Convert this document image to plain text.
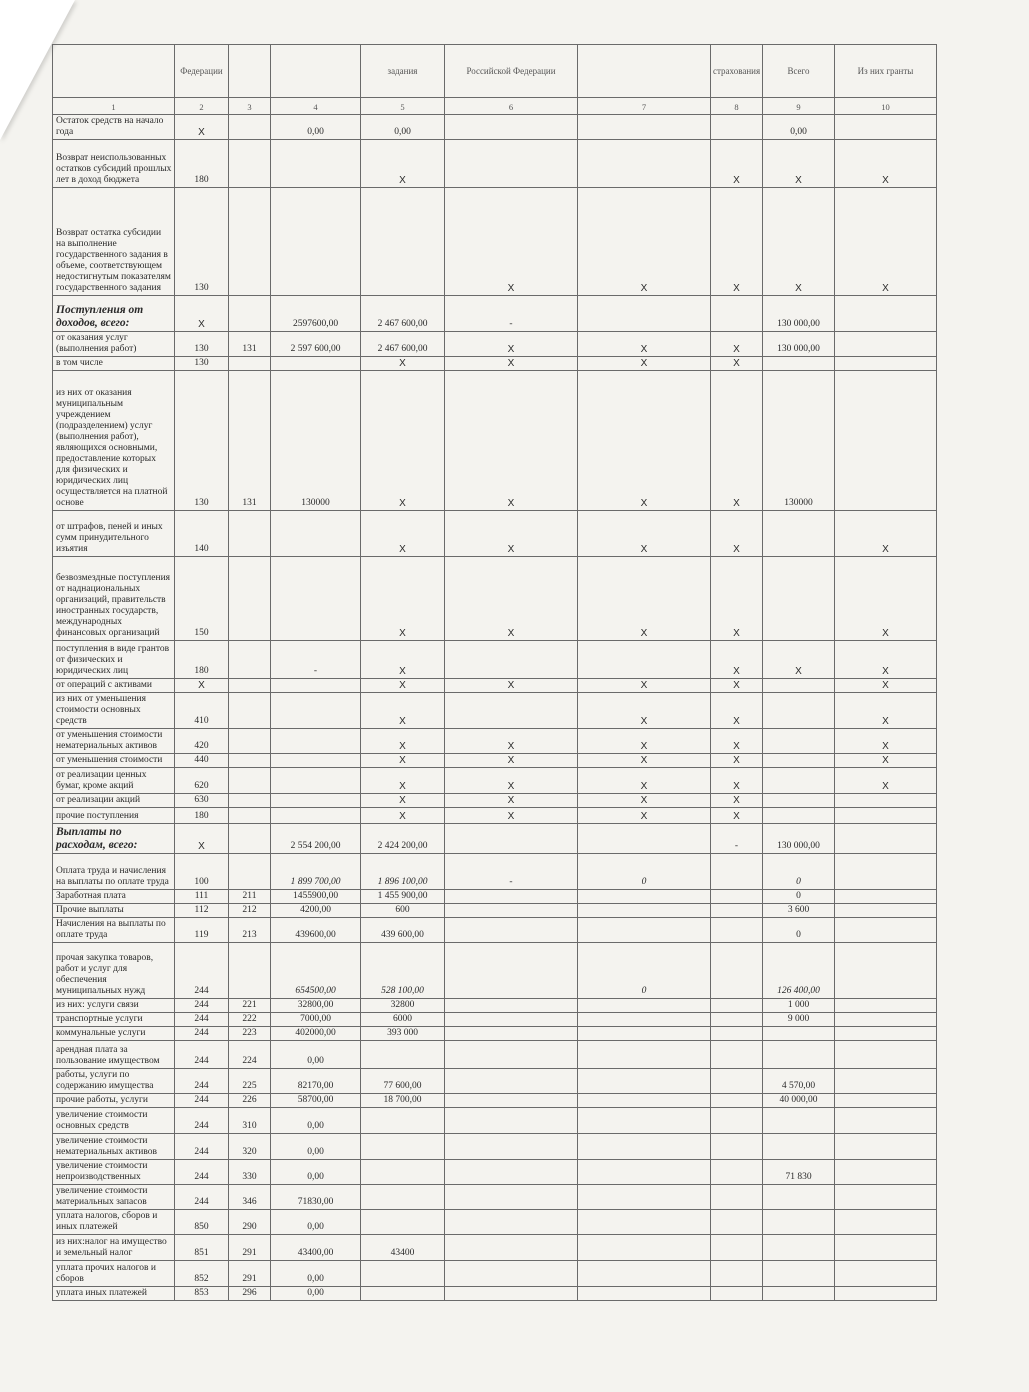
	Федерации			задания	Российской Федерации		страхования	Всего	Из них гранты
1	2	3	4	5	6	7	8	9	10
Остаток средств на начало года	X		0,00	0,00				0,00	
Возврат неиспользованных остатков субсидий прошлых лет в доход бюджета	180			X			X	X	X
Возврат остатка субсидии на выполнение государственного задания в объеме, соответствующем недостигнутым показателям государственного задания	130				X	X	X	X	X
Поступления от доходов, всего:	X		2597600,00	2 467 600,00	-			130 000,00	
от оказания услуг (выполнения работ)	130	131	2 597 600,00	2 467 600,00	X	X	X	130 000,00	
в том числе	130			X	X	X	X		
из них от оказания муниципальным учреждением (подразделением) услуг (выполнения работ), являющихся основными, предоставление которых для физических и юридических лиц осуществляется на платной основе	130	131	130000	X	X	X	X	130000	
от штрафов, пеней и иных сумм принудительного изъятия	140			X	X	X	X		X
безвозмездные поступления от наднациональных организаций, правительств иностранных государств, международных финансовых организаций	150			X	X	X	X		X
поступления в виде грантов от физических и юридических лиц	180		-	X			X	X	X
от операций с активами	X			X	X	X	X		X
из них от уменьшения стоимости основных средств	410			X		X	X		X
от уменьшения стоимости нематериальных активов	420			X	X	X	X		X
от уменьшения стоимости	440			X	X	X	X		X
от реализации ценных бумаг, кроме акций	620			X	X	X	X		X
от реализации акций	630			X	X	X	X		
прочие поступления	180			X	X	X	X		
Выплаты по расходам, всего:	X		2 554 200,00	2 424 200,00			-	130 000,00	
Оплата труда и начисления на выплаты по оплате труда	100		1 899 700,00	1 896 100,00	-	0		0	
Заработная плата	111	211	1455900,00	1 455 900,00				0	
Прочие выплаты	112	212	4200,00	600				3 600	
Начисления на выплаты по оплате труда	119	213	439600,00	439 600,00				0	
прочая закупка товаров, работ и услуг для обеспечения муниципальных нужд	244		654500,00	528 100,00		0		126 400,00	
из них: услуги связи	244	221	32800,00	32800				1 000	
транспортные услуги	244	222	7000,00	6000				9 000	
коммунальные услуги	244	223	402000,00	393 000					
арендная плата за пользование имуществом	244	224	0,00						
работы, услуги по содержанию имущества	244	225	82170,00	77 600,00				4 570,00	
прочие работы, услуги	244	226	58700,00	18 700,00				40 000,00	
увеличение стоимости основных средств	244	310	0,00						
увеличение стоимости нематериальных активов	244	320	0,00						
увеличение стоимости непроизводственных	244	330	0,00					71 830	
увеличение стоимости материальных запасов	244	346	71830,00						
уплата налогов, сборов и иных платежей	850	290	0,00						
из них:налог на имущество и земельный налог	851	291	43400,00	43400					
уплата прочих налогов и сборов	852	291	0,00						
уплата иных платежей	853	296	0,00						
